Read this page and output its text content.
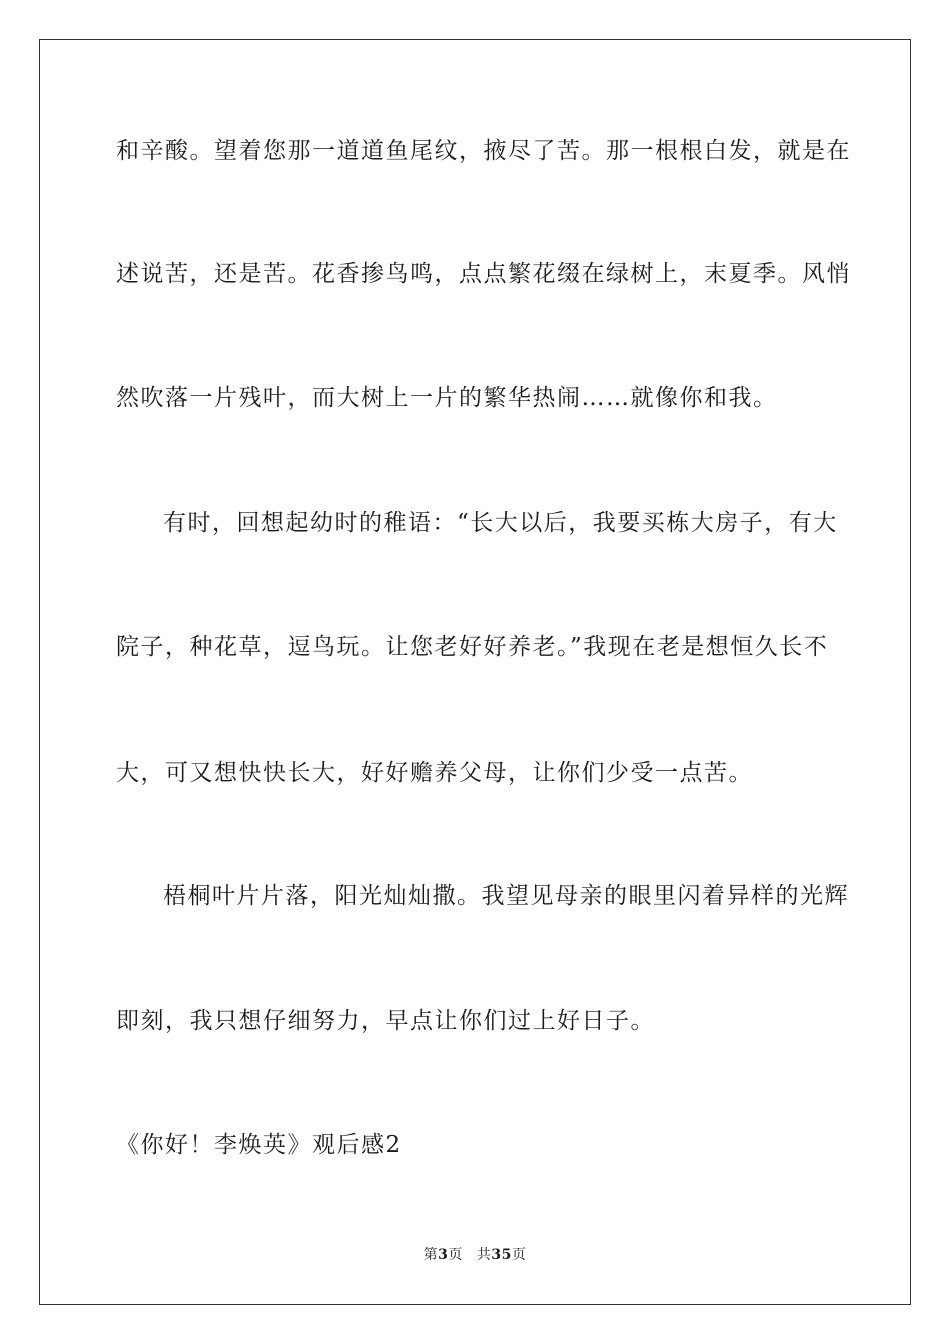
和辛酸。望着您那一道道鱼尾纹，掖尽了苦。那一根根白发，就是在
述说苦，还是苦。花香掺鸟鸣，点点繁花缀在绿树上，末夏季。风悄
然吹落一片残叶，而大树上一片的繁华热闹……就像你和我。
有时，回想起幼时的稚语：“长大以后，我要买栋大房子，有大
院子，种花草，逗鸟玩。让您老好好养老。”我现在老是想恒久长不
大，可又想快快长大，好好赡养父母，让你们少受一点苦。
梧桐叶片片落，阳光灿灿撒。我望见母亲的眼里闪着异样的光辉
即刻，我只想仔细努力，早点让你们过上好日子。
《你好！李焕英》观后感2
第3页 共35页
